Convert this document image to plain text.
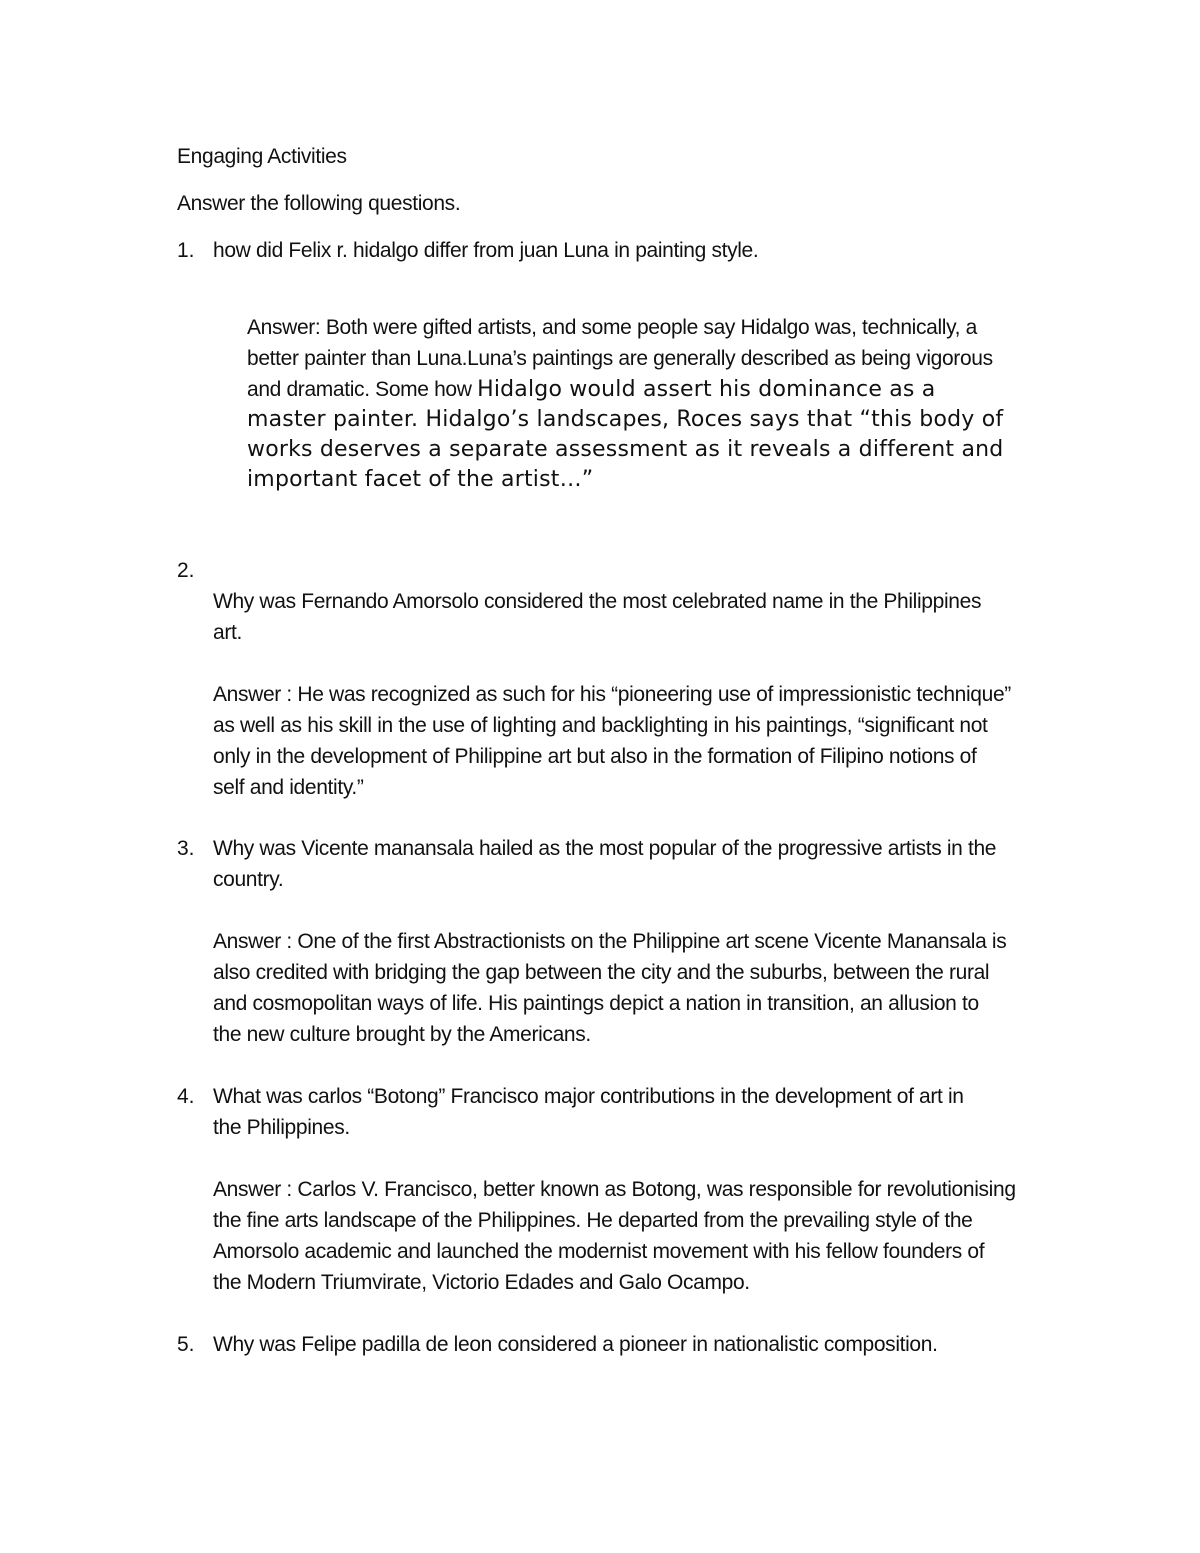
Engaging Activities
Answer the following questions.
1. how did Felix r. hidalgo differ from juan Luna in painting style.
Answer: Both were gifted artists, and some people say Hidalgo was, technically, a
better painter than Luna.Luna’s paintings are generally described as being vigorous
and dramatic. Some how Hidalgo would assert his dominance as a
master painter. Hidalgo’s landscapes, Roces says that “this body of
works deserves a separate assessment as it reveals a different and
important facet of the artist…”
2.
Why was Fernando Amorsolo considered the most celebrated name in the Philippines
art.
Answer : He was recognized as such for his “pioneering use of impressionistic technique”
as well as his skill in the use of lighting and backlighting in his paintings, “significant not
only in the development of Philippine art but also in the formation of Filipino notions of
self and identity.”
3. Why was Vicente manansala hailed as the most popular of the progressive artists in the
country.
Answer : One of the first Abstractionists on the Philippine art scene Vicente Manansala is
also credited with bridging the gap between the city and the suburbs, between the rural
and cosmopolitan ways of life. His paintings depict a nation in transition, an allusion to
the new culture brought by the Americans.
4. What was carlos “Botong” Francisco major contributions in the development of art in
the Philippines.
Answer : Carlos V. Francisco, better known as Botong, was responsible for revolutionising
the fine arts landscape of the Philippines. He departed from the prevailing style of the
Amorsolo academic and launched the modernist movement with his fellow founders of
the Modern Triumvirate, Victorio Edades and Galo Ocampo.
5. Why was Felipe padilla de leon considered a pioneer in nationalistic composition.
